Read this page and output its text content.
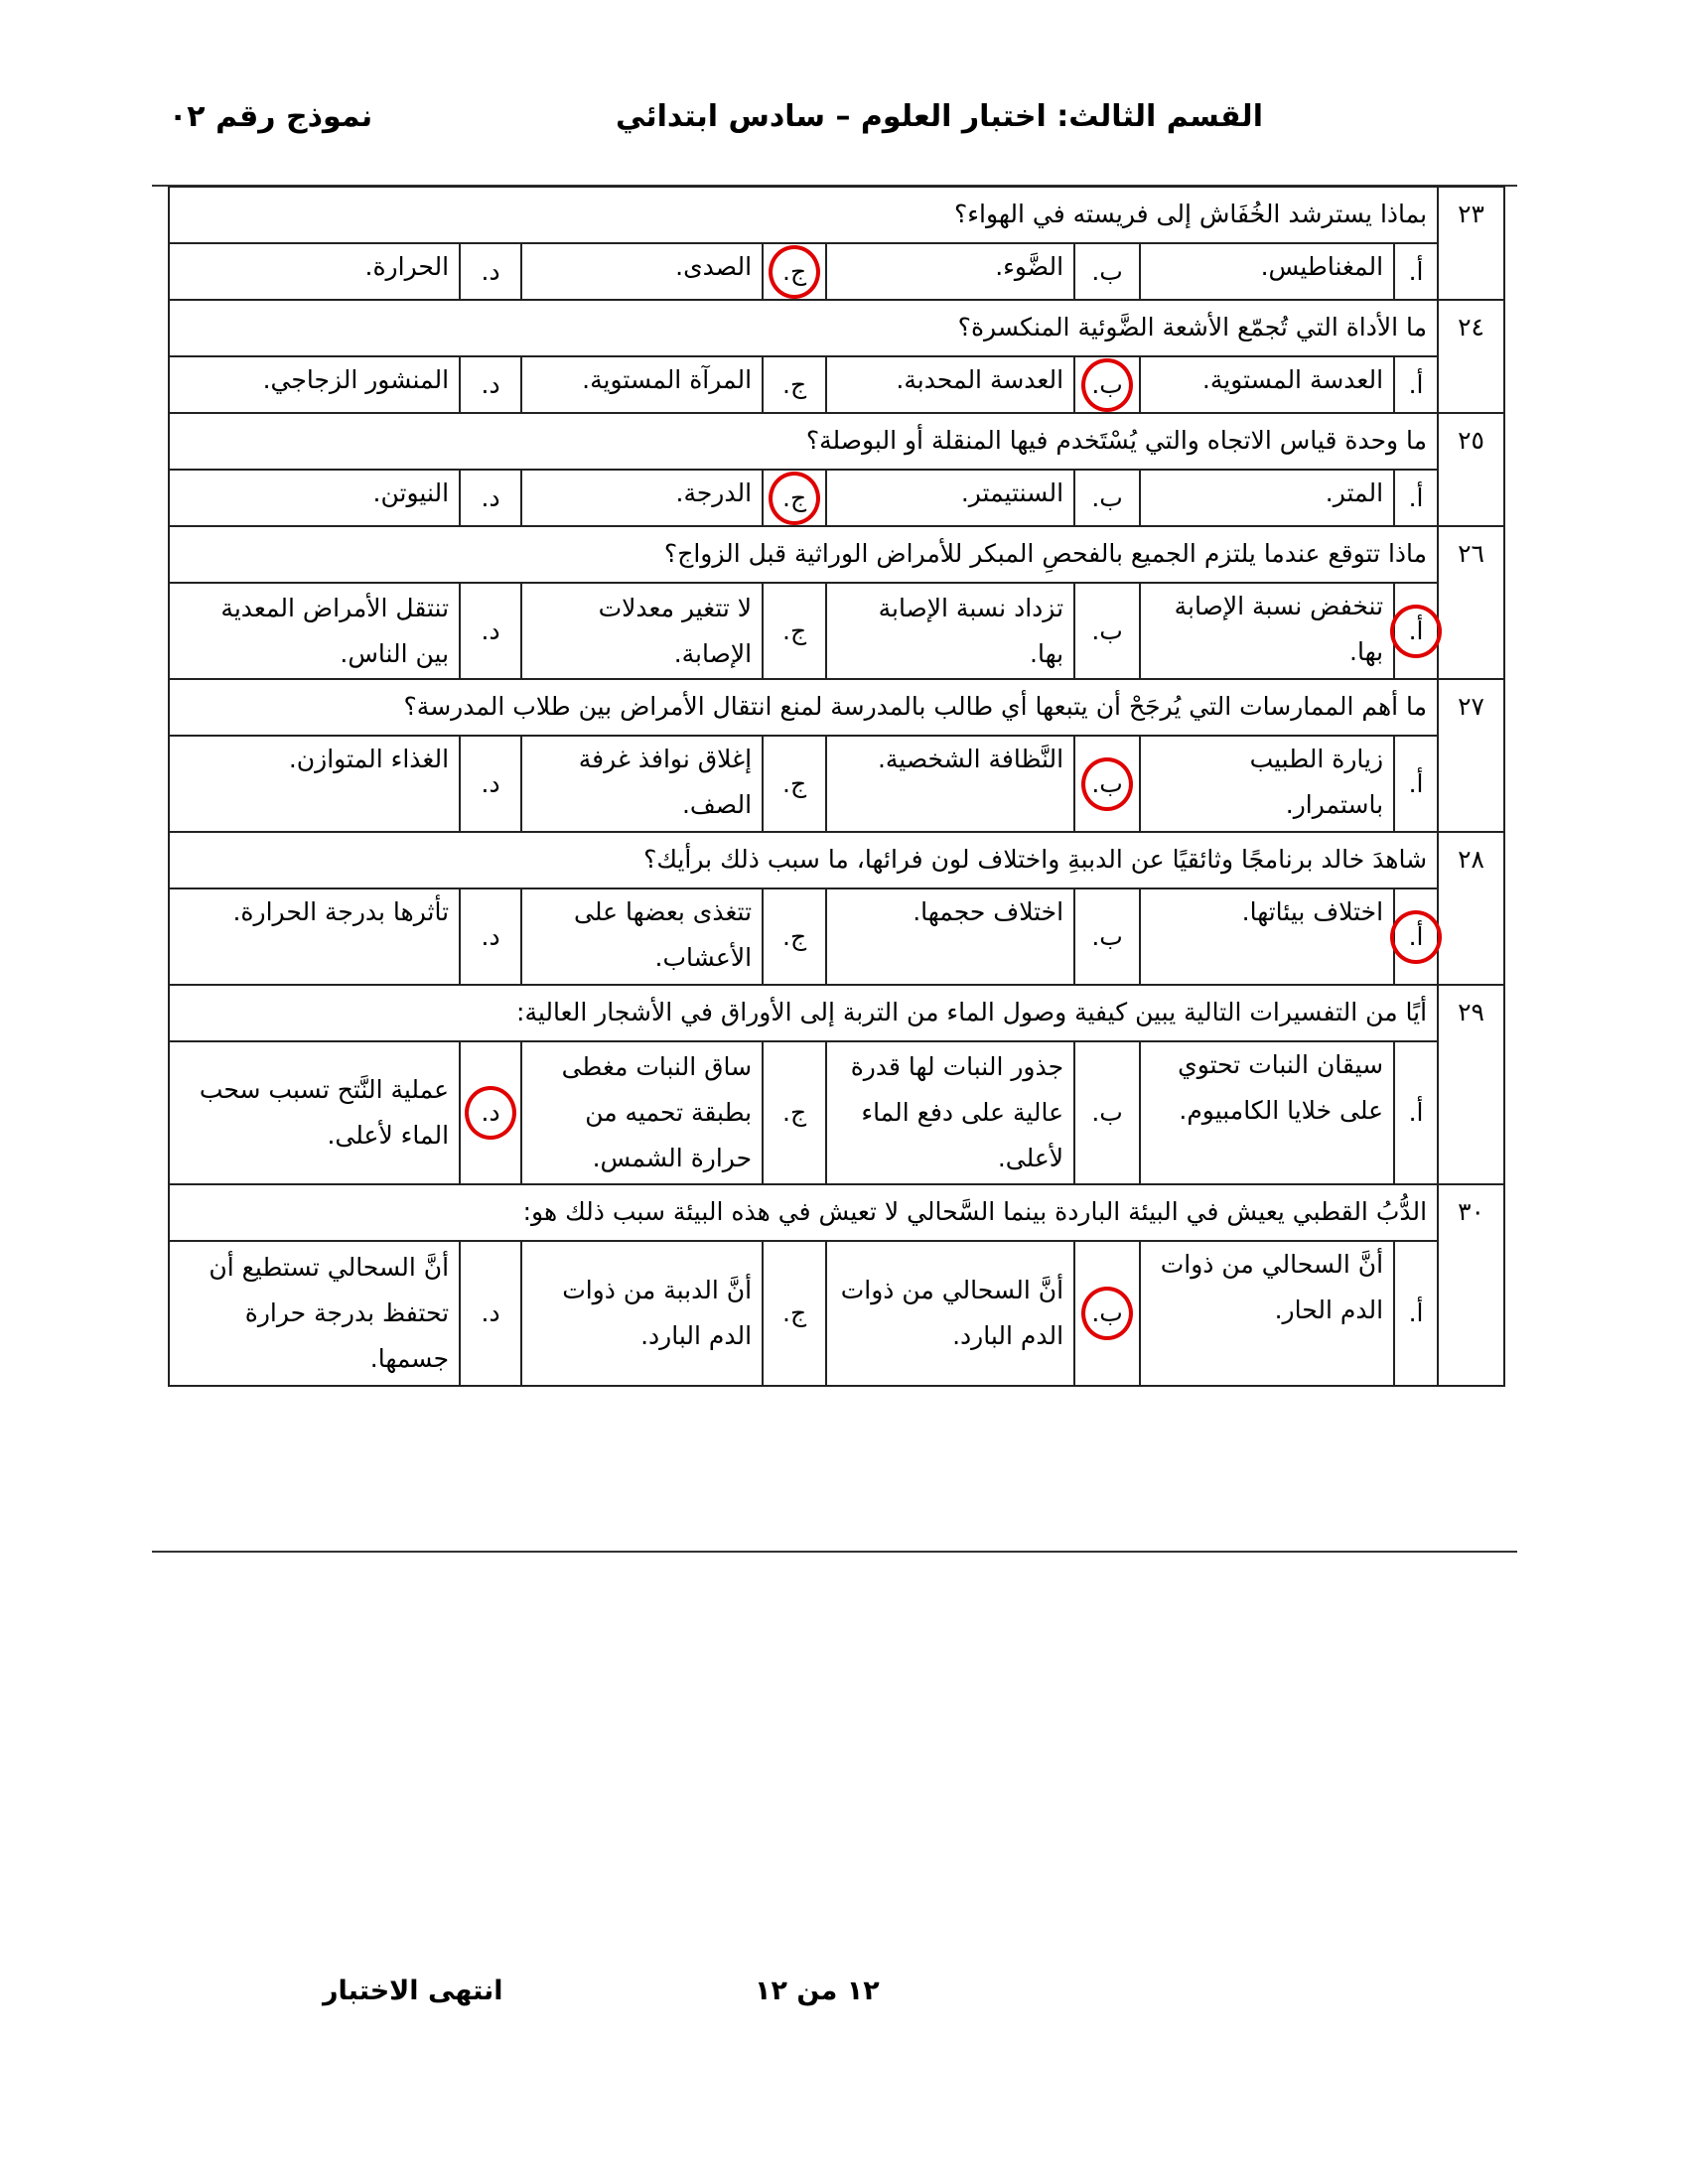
القسم الثالث: اختبار العلوم – سادس ابتدائي
نموذج رقم ٠٢
٢٣	بماذا يسترشد الخُفَاش إلى فريسته في الهواء؟							
	أ.	المغناطيس.	ب.	الضَّوء.	ج.	الصدى.	د.	الحرارة.
٢٤	ما الأداة التي تُجمّع الأشعة الضَّوئية المنكسرة؟							
	أ.	العدسة المستوية.	ب.	العدسة المحدبة.	ج.	المرآة المستوية.	د.	المنشور الزجاجي.
٢٥	ما وحدة قياس الاتجاه والتي يُسْتَخدم فيها المنقلة أو البوصلة؟							
	أ.	المتر.	ب.	السنتيمتر.	ج.	الدرجة.	د.	النيوتن.
٢٦	ماذا تتوقع عندما يلتزم الجميع بالفحصِ المبكر للأمراض الوراثية قبل الزواج؟							
	أ.	تنخفض نسبة الإصابة بها.	ب.	تزداد نسبة الإصابة بها.	ج.	لا تتغير معدلات الإصابة.	د.	تنتقل الأمراض المعدية بين الناس.
٢٧	ما أهم الممارسات التي يُرجَحْ أن يتبعها أي طالب بالمدرسة لمنع انتقال الأمراض بين طلاب المدرسة؟							
	أ.	زيارة الطبيب باستمرار.	ب.	النَّظافة الشخصية.	ج.	إغلاق نوافذ غرفة الصف.	د.	الغذاء المتوازن.
٢٨	شاهدَ خالد برنامجًا وثائقيًا عن الدببةِ واختلاف لون فرائها، ما سبب ذلك برأيك؟							
	أ.	اختلاف بيئاتها.	ب.	اختلاف حجمها.	ج.	تتغذى بعضها على الأعشاب.	د.	تأثرها بدرجة الحرارة.
٢٩	أيًا من التفسيرات التالية يبين كيفية وصول الماء من التربة إلى الأوراق في الأشجار العالية:							
	أ.	سيقان النبات تحتوي على خلايا الكامبيوم.	ب.	جذور النبات لها قدرة عالية على دفع الماء لأعلى.	ج.	ساق النبات مغطى بطبقة تحميه من حرارة الشمس.	د.	عملية النَّتح تسبب سحب الماء لأعلى.
٣٠	الدُّبُ القطبي يعيش في البيئة الباردة بينما السَّحالي لا تعيش في هذه البيئة سبب ذلك هو:							
	أ.	أنَّ السحالي من ذوات الدم الحار.	ب.	أنَّ السحالي من ذوات الدم البارد.	ج.	أنَّ الدببة من ذوات الدم البارد.	د.	أنَّ السحالي تستطيع أن تحتفظ بدرجة حرارة جسمها.
انتهى الاختبار	١٢ من ١٢
